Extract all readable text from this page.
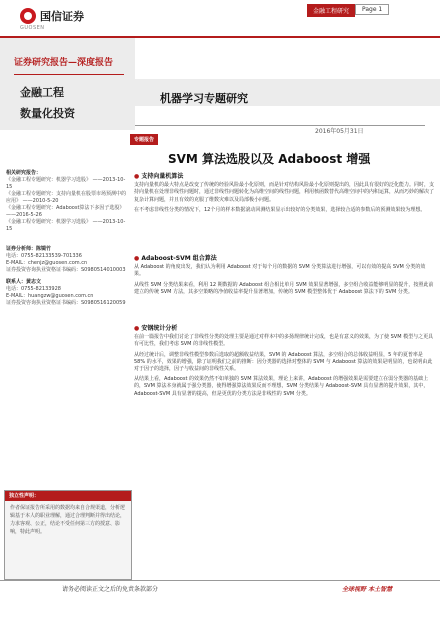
国信证券
GUOSEN
金融工程研究	Page 1
证券研究报告—深度报告
金融工程	机器学习专题研究
数量化投资
2016年05月31日
专题报告
SVM 算法选股以及 Adaboost 增强
相关研究报告：
《金融工程专题研究：机器学习选股》 ——2013-10-15
《金融工程专题研究：支持向量机在股票市场预测中的应用》 ——2010-5-20
《金融工程专题研究：Adaboost算法下多因子选股》 ——2016-5-26
《金融工程专题研究：机器学习选股》 ——2013-10-15
证券分析师：陈镜竹
电话：0755-82133539-701336
E-MAIL：chenjz@guosen.com.cn
证券投资咨询执业资格证书编码：S0980514010003
联系人：黄志文
电话：0755-82133928
E-MAIL：huangzw@guosen.com.cn
证券投资咨询执业资格证书编码：S0980516120059
● 支持向量机算法
支持向量机的最大特点是改变了传统的经验风险最小化原则，而是针对结构风险最小化原则提出的，因此具有很好的泛化能力。同时，支持向量机在处理非线性问题时，通过非线性问题转化为高维空间的线性问题，利用核函数替代高维空间中的内积运算，从而巧妙的解决了复杂计算问题，并且有效的克服了维数灾难以及局部极小问题。
在不考虑非线性分类的情况下，12个月的样本数据滚动回测结果显示出较好的分类效果，选择较合适的参数后的预测效果较为理想。
● Adaboost-SVM 组合算法
从 Adaboost 的角度出发，我们认为利用 Adaboost 对于每个月的数据的 SVM 分类算法进行增强，可以有效的提高 SVM 分类的效果。
从线性 SVM 分类结果来看，利用 12 期数据的 Adaboost 组合相比单月 SVM 效果显著增强，多空组合收益能够明显的提升，按照此前建立的传统 SVM 方法，其多空策略的净值收益率提升显著增加，传统的 SVM 模型整体优于 Adaboost 算法下的 SVM 分类。
● 安钢统计分析
在前一篇报告中我们讨论了非线性分类的处理主要是通过对样本中的多扬规律统计完成，也是有意义的效果，为了使 SVM 模型与之更具有可比性，我们考虑 SVM 的非线性模型。
从经过统计后，调整非线性模型参数后选取的超额收益结果，SVM 的 Adaboost 算法，多空组合的总体收益明显，5 年的夏普率是 58% 的水平，效果的增强，除了证明我们之前的推断：因分类器的选择对整体的 SVM 与 Adaboost 算法的效果是明显的，也说明由此对于因子的选择，因子与收益间的非线性关系。
从结果上看，Adaboost 的效果仍然不如单独的 SVM 算法效果，理论上来讲，Adaboost 的增强效果是需要建立在弱分类器的基础上的，SVM 算法本身就属于强分类器，使得增强算法效果反而不理想，SVM 分类结果与 Adaboost-SVM 具有显著的提升效果，其中，Adaboost-SVM 具有显著的提高，但是更优的分类方法是非线性的 SVM 分类。
独立性声明：
作者保证报告所采用的数据均来自合规渠道，分析逻辑基于本人的职业理解，通过合理判断并得出结论，力求客观、公正，结论不受任何第三方的授意、影响，特此声明。
请务必阅读正文之后的免责条款部分	全球视野 本土智慧
